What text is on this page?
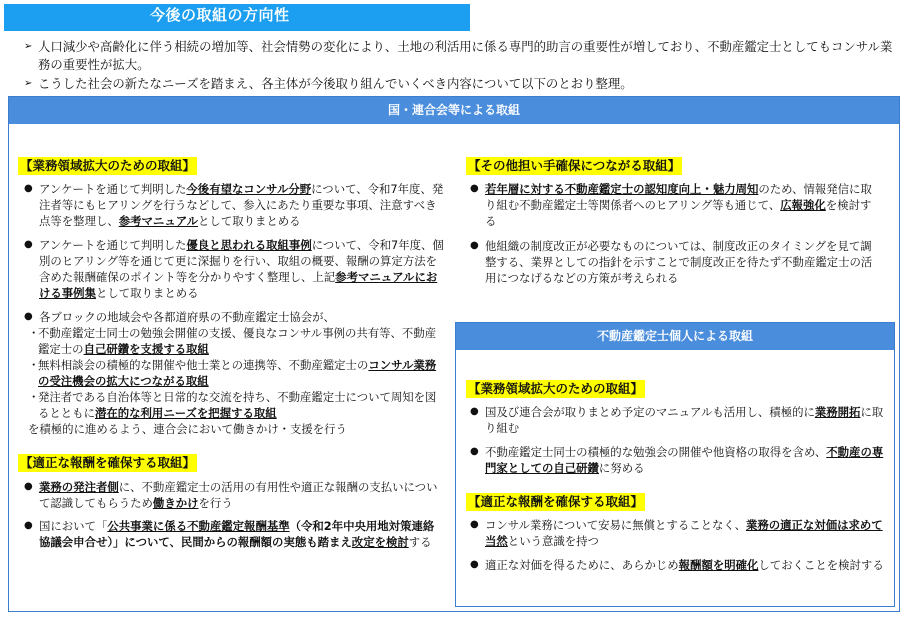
今後の取組の方向性
➢ 人口減少や高齢化に伴う相続の増加等、社会情勢の変化により、土地の利活用に係る専門的助言の重要性が増しており、不動産鑑定士としてもコンサル業務の重要性が拡大。
➢ こうした社会の新たなニーズを踏まえ、各主体が今後取り組んでいくべき内容について以下のとおり整理。
国・連合会等による取組
【業務領域拡大のための取組】
● アンケートを通じて判明した今後有望なコンサル分野について、令和7年度、発注者等にもヒアリングを行うなどして、参入にあたり重要な事項、注意すべき点等を整理し、参考マニュアルとして取りまとめる
● アンケートを通じて判明した優良と思われる取組事例について、令和7年度、個別のヒアリング等を通じて更に深掘りを行い、取組の概要、報酬の算定方法を含めた報酬確保のポイント等を分かりやすく整理し、上記参考マニュアルにおける事例集として取りまとめる
● 各ブロックの地域会や各都道府県の不動産鑑定士協会が、
・
不動産鑑定士同士の勉強会開催の支援、優良なコンサル事例の共有等、不動産鑑定士の自己研鑽を支援する取組
・
無料相談会の積極的な開催や他士業との連携等、不動産鑑定士のコンサル業務の受注機会の拡大につながる取組
・
発注者である自治体等と日常的な交流を持ち、不動産鑑定士について周知を図るとともに潜在的な利用ニーズを把握する取組
を積極的に進めるよう、連合会において働きかけ・支援を行う
【適正な報酬を確保する取組】
● 業務の発注者側に、不動産鑑定士の活用の有用性や適正な報酬の支払いについて認識してもらうため働きかけを行う
● 国において「公共事業に係る不動産鑑定報酬基準（令和2年中央用地対策連絡協議会申合せ）」について、民間からの報酬額の実態も踏まえ改定を検討する
【その他担い手確保につながる取組】
● 若年層に対する不動産鑑定士の認知度向上・魅力周知のため、情報発信に取り組む不動産鑑定士等関係者へのヒアリング等も通じて、広報強化を検討する
● 他組織の制度改正が必要なものについては、制度改正のタイミングを見て調整する、業界としての指針を示すことで制度改正を待たず不動産鑑定士の活用につなげるなどの方策が考えられる
不動産鑑定士個人による取組
【業務領域拡大のための取組】
● 国及び連合会が取りまとめ予定のマニュアルも活用し、積極的に業務開拓に取り組む
● 不動産鑑定士同士の積極的な勉強会の開催や他資格の取得を含め、不動産の専門家としての自己研鑽に努める
【適正な報酬を確保する取組】
● コンサル業務について安易に無償とすることなく、業務の適正な対価は求めて当然という意識を持つ
● 適正な対価を得るために、あらかじめ報酬額を明確化しておくことを検討する
